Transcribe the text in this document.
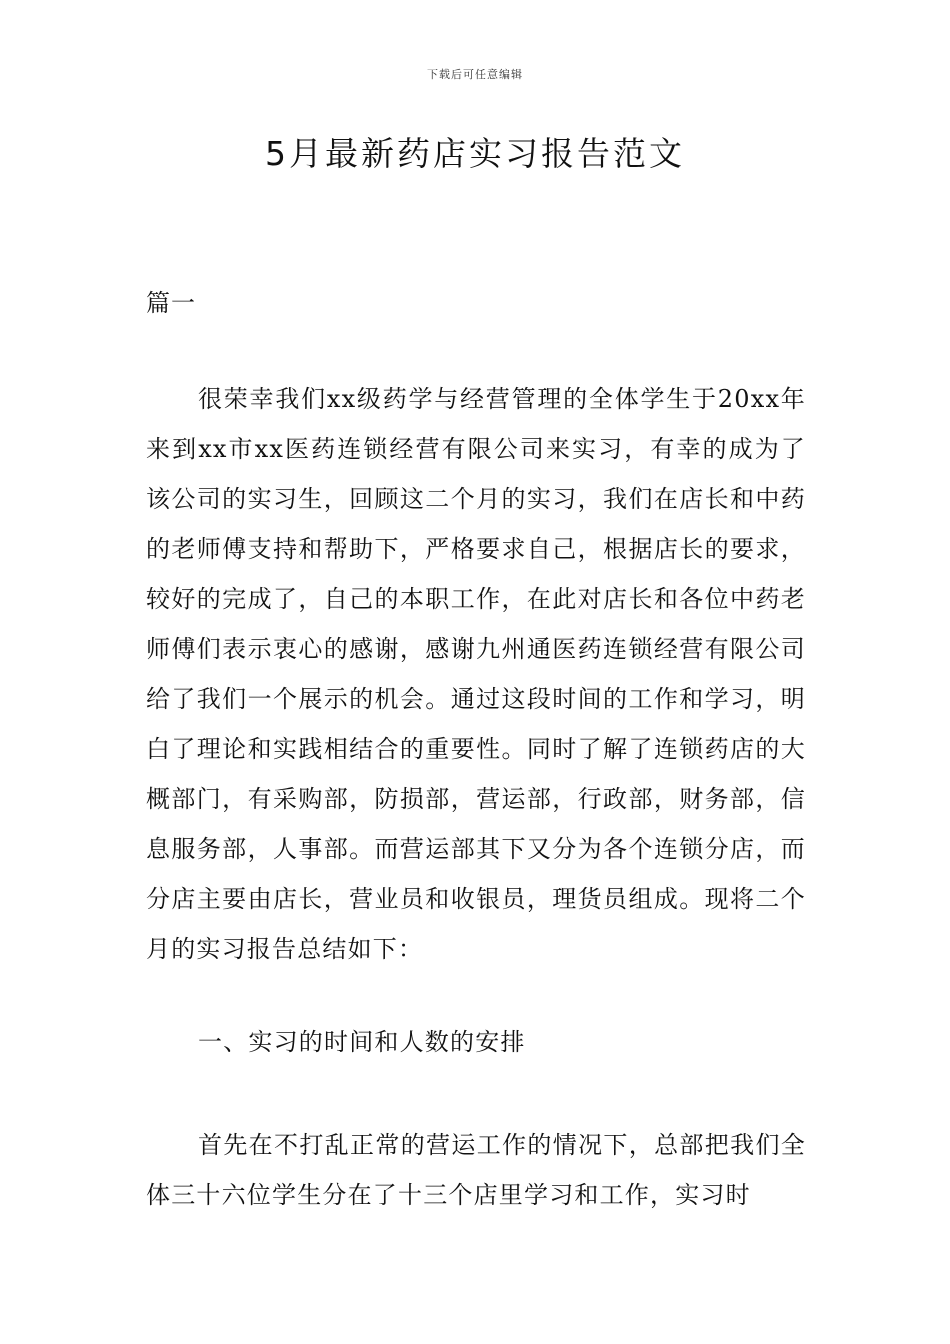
下载后可任意编辑
5月最新药店实习报告范文
篇一

很荣幸我们xx级药学与经营管理的全体学生于20xx年来到xx市xx医药连锁经营有限公司来实习，有幸的成为了该公司的实习生，回顾这二个月的实习，我们在店长和中药的老师傅支持和帮助下，严格要求自己，根据店长的要求，较好的完成了，自己的本职工作，在此对店长和各位中药老师傅们表示衷心的感谢，感谢九州通医药连锁经营有限公司给了我们一个展示的机会。通过这段时间的工作和学习，明白了理论和实践相结合的重要性。同时了解了连锁药店的大概部门，有采购部，防损部，营运部，行政部，财务部，信息服务部，人事部。而营运部其下又分为各个连锁分店，而分店主要由店长，营业员和收银员，理货员组成。现将二个月的实习报告总结如下：

一、实习的时间和人数的安排

首先在不打乱正常的营运工作的情况下，总部把我们全体三十六位学生分在了十三个店里学习和工作，实习时
